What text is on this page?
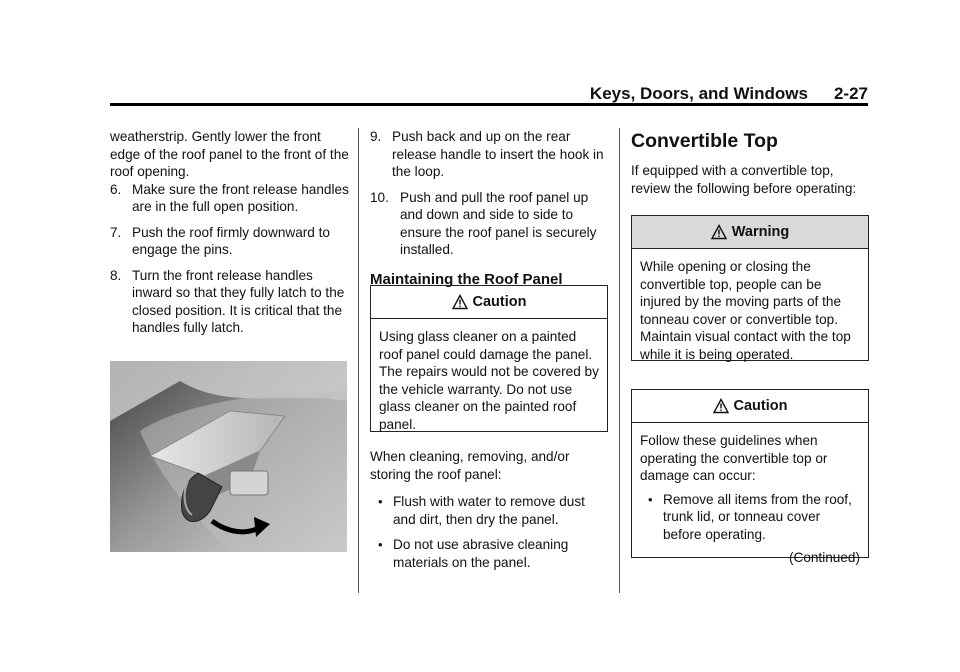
Keys, Doors, and Windows 2-27

weatherstrip. Gently lower the front edge of the roof panel to the front of the roof opening.

6. Make sure the front release handles are in the full open position.
7. Push the roof firmly downward to engage the pins.
8. Turn the front release handles inward so that they fully latch to the closed position. It is critical that the handles fully latch.
9. Push back and up on the rear release handle to insert the hook in the loop.
10. Push and pull the roof panel up and down and side to side to ensure the roof panel is securely installed.
Maintaining the Roof Panel
Caution
Using glass cleaner on a painted roof panel could damage the panel. The repairs would not be covered by the vehicle warranty. Do not use glass cleaner on the painted roof panel.

When cleaning, removing, and/or storing the roof panel:

• Flush with water to remove dust and dirt, then dry the panel.
• Do not use abrasive cleaning materials on the panel.
Convertible Top

If equipped with a convertible top, review the following before operating:

Warning
While opening or closing the convertible top, people can be injured by the moving parts of the tonneau cover or convertible top. Maintain visual contact with the top while it is being operated.
Caution

Follow these guidelines when operating the convertible top or damage can occur:

• Remove all items from the roof, trunk lid, or tonneau cover before operating.
(Continued)
